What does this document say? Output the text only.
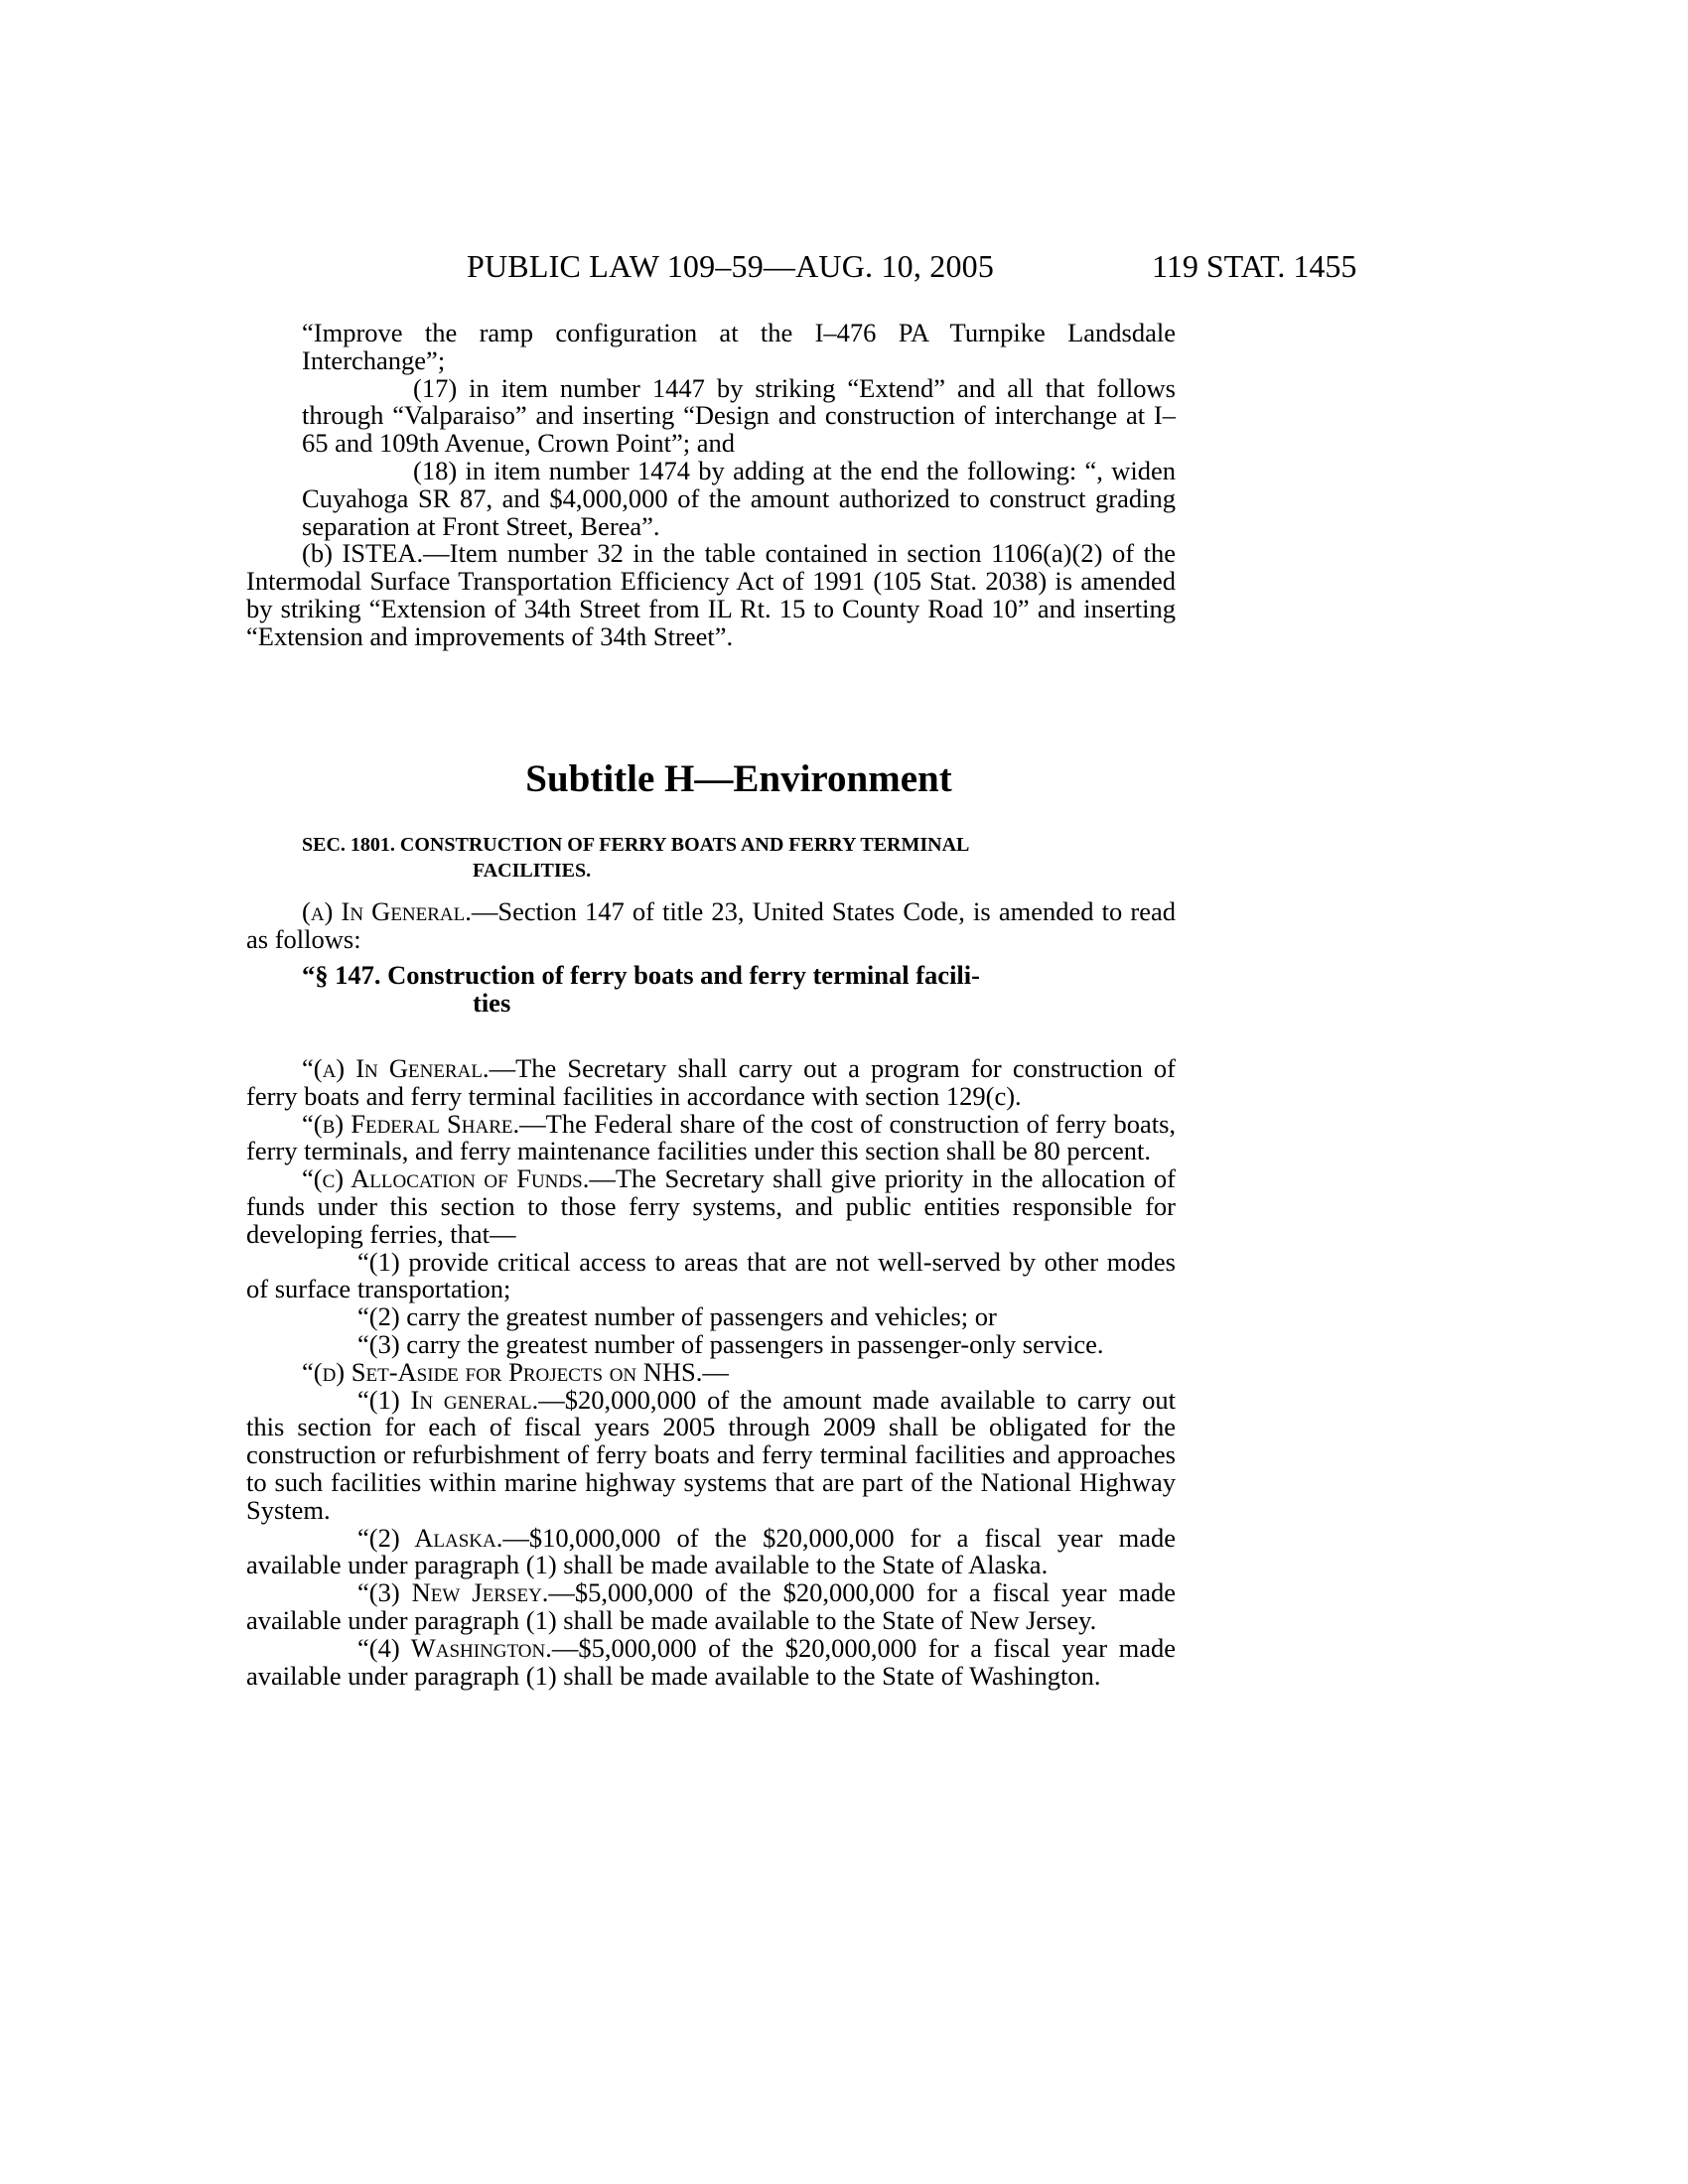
PUBLIC LAW 109–59—AUG. 10, 2005	119 STAT. 1455

“Improve the ramp configuration at the I–476 PA Turnpike Landsdale Interchange”;

(17) in item number 1447 by striking “Extend” and all that follows through “Valparaiso” and inserting “Design and construction of interchange at I–65 and 109th Avenue, Crown Point”; and

(18) in item number 1474 by adding at the end the following: “, widen Cuyahoga SR 87, and $4,000,000 of the amount authorized to construct grading separation at Front Street, Berea”.

(b) ISTEA.—Item number 32 in the table contained in section 1106(a)(2) of the Intermodal Surface Transportation Efficiency Act of 1991 (105 Stat. 2038) is amended by striking “Extension of 34th Street from IL Rt. 15 to County Road 10” and inserting “Extension and improvements of 34th Street”.

Subtitle H—Environment
SEC. 1801. CONSTRUCTION OF FERRY BOATS AND FERRY TERMINAL
FACILITIES.

(a) In General.—Section 147 of title 23, United States Code, is amended to read as follows:

“§ 147. Construction of ferry boats and ferry terminal facili-
ties

“(a) In General.—The Secretary shall carry out a program for construction of ferry boats and ferry terminal facilities in accordance with section 129(c).

“(b) Federal Share.—The Federal share of the cost of construction of ferry boats, ferry terminals, and ferry maintenance facilities under this section shall be 80 percent.

“(c) Allocation of Funds.—The Secretary shall give priority in the allocation of funds under this section to those ferry systems, and public entities responsible for developing ferries, that—

“(1) provide critical access to areas that are not well-served by other modes of surface transportation;

“(2) carry the greatest number of passengers and vehicles; or

“(3) carry the greatest number of passengers in passenger-only service.

“(d) Set-Aside for Projects on NHS.—

“(1) In general.—$20,000,000 of the amount made available to carry out this section for each of fiscal years 2005 through 2009 shall be obligated for the construction or refurbishment of ferry boats and ferry terminal facilities and approaches to such facilities within marine highway systems that are part of the National Highway System.

“(2) Alaska.—$10,000,000 of the $20,000,000 for a fiscal year made available under paragraph (1) shall be made available to the State of Alaska.

“(3) New Jersey.—$5,000,000 of the $20,000,000 for a fiscal year made available under paragraph (1) shall be made available to the State of New Jersey.

“(4) Washington.—$5,000,000 of the $20,000,000 for a fiscal year made available under paragraph (1) shall be made available to the State of Washington.
